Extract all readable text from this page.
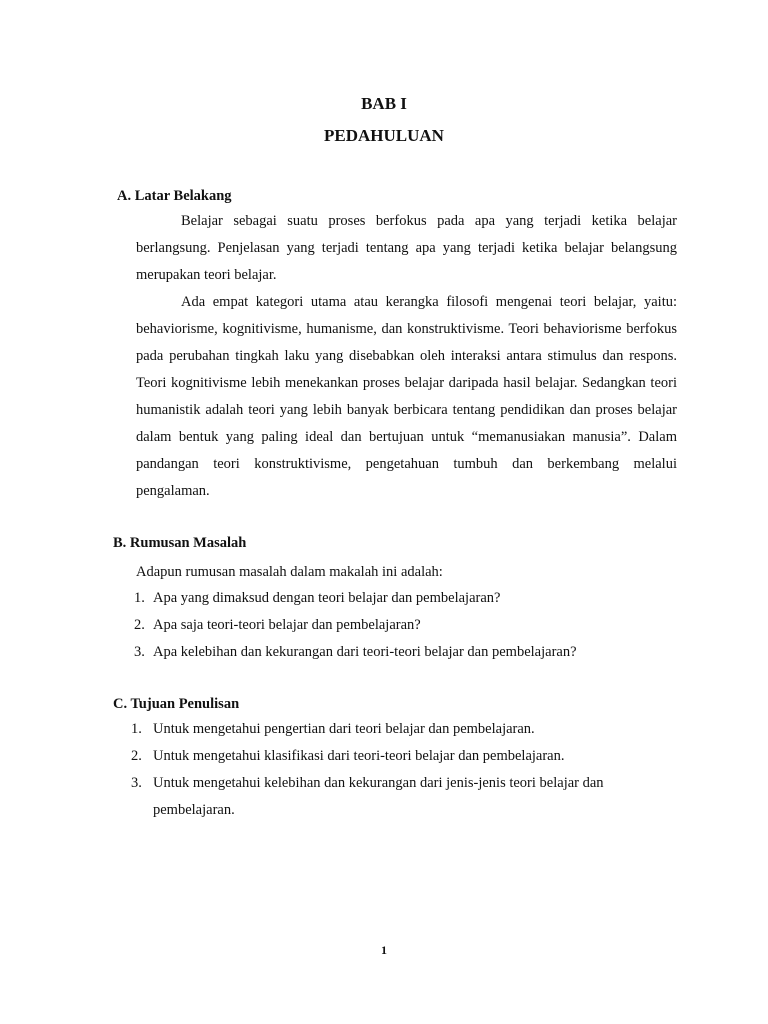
BAB I
PEDAHULUAN
A. Latar Belakang

Belajar sebagai suatu proses berfokus pada apa yang terjadi ketika belajar berlangsung. Penjelasan yang terjadi tentang apa yang terjadi ketika belajar belangsung merupakan teori belajar.

Ada empat kategori utama atau kerangka filosofi mengenai teori belajar, yaitu: behaviorisme, kognitivisme, humanisme, dan konstruktivisme. Teori behaviorisme berfokus pada perubahan tingkah laku yang disebabkan oleh interaksi antara stimulus dan respons. Teori kognitivisme lebih menekankan proses belajar daripada hasil belajar. Sedangkan teori humanistik adalah teori yang lebih banyak berbicara tentang pendidikan dan proses belajar dalam bentuk yang paling ideal dan bertujuan untuk “memanusiakan manusia”. Dalam pandangan teori konstruktivisme, pengetahuan tumbuh dan berkembang melalui pengalaman.

B. Rumusan Masalah

Adapun rumusan masalah dalam makalah ini adalah:

1. Apa yang dimaksud dengan teori belajar dan pembelajaran?
2. Apa saja teori-teori belajar dan pembelajaran?
3. Apa kelebihan dan kekurangan dari teori-teori belajar dan pembelajaran?
C. Tujuan Penulisan
1. Untuk mengetahui pengertian dari teori belajar dan pembelajaran.
2. Untuk mengetahui klasifikasi dari teori-teori belajar dan pembelajaran.
3. Untuk mengetahui kelebihan dan kekurangan dari jenis-jenis teori belajar dan pembelajaran.
1
